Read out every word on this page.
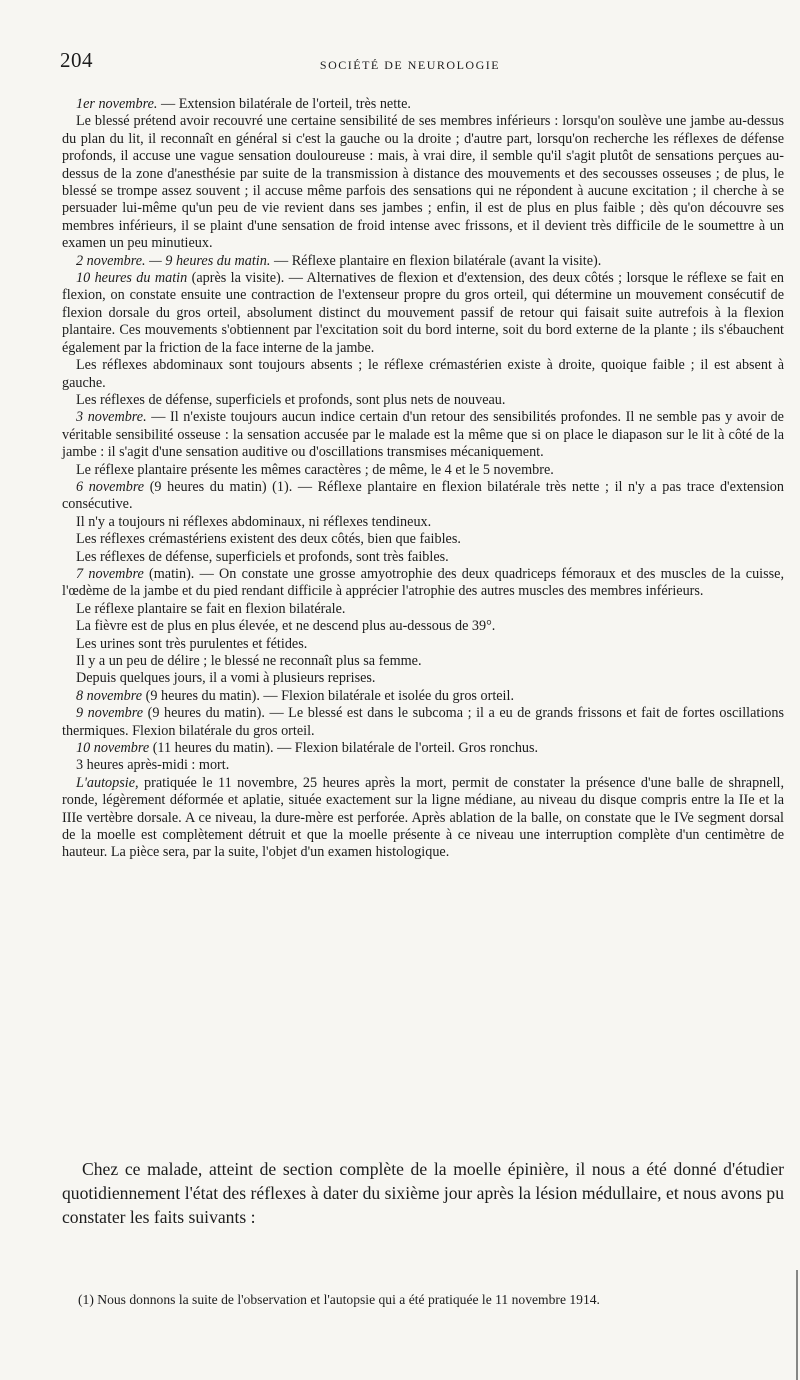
204	SOCIÉTÉ DE NEUROLOGIE

1er novembre. — Extension bilatérale de l'orteil, très nette.

Le blessé prétend avoir recouvré une certaine sensibilité de ses membres inférieurs : lorsqu'on soulève une jambe au-dessus du plan du lit, il reconnaît en général si c'est la gauche ou la droite ; d'autre part, lorsqu'on recherche les réflexes de défense profonds, il accuse une vague sensation douloureuse : mais, à vrai dire, il semble qu'il s'agit plutôt de sensations perçues au-dessus de la zone d'anesthésie par suite de la transmission à distance des mouvements et des secousses osseuses ; de plus, le blessé se trompe assez souvent ; il accuse même parfois des sensations qui ne répondent à aucune excitation ; il cherche à se persuader lui-même qu'un peu de vie revient dans ses jambes ; enfin, il est de plus en plus faible ; dès qu'on découvre ses membres inférieurs, il se plaint d'une sensation de froid intense avec frissons, et il devient très difficile de le soumettre à un examen un peu minutieux.

2 novembre. — 9 heures du matin. — Réflexe plantaire en flexion bilatérale (avant la visite).

10 heures du matin (après la visite). — Alternatives de flexion et d'extension, des deux côtés ; lorsque le réflexe se fait en flexion, on constate ensuite une contraction de l'extenseur propre du gros orteil, qui détermine un mouvement consécutif de flexion dorsale du gros orteil, absolument distinct du mouvement passif de retour qui faisait suite autrefois à la flexion plantaire. Ces mouvements s'obtiennent par l'excitation soit du bord interne, soit du bord externe de la plante ; ils s'ébauchent également par la friction de la face interne de la jambe.

Les réflexes abdominaux sont toujours absents ; le réflexe crémastérien existe à droite, quoique faible ; il est absent à gauche.

Les réflexes de défense, superficiels et profonds, sont plus nets de nouveau.

3 novembre. — Il n'existe toujours aucun indice certain d'un retour des sensibilités profondes. Il ne semble pas y avoir de véritable sensibilité osseuse : la sensation accusée par le malade est la même que si on place le diapason sur le lit à côté de la jambe : il s'agit d'une sensation auditive ou d'oscillations transmises mécaniquement.

Le réflexe plantaire présente les mêmes caractères ; de même, le 4 et le 5 novembre.

6 novembre (9 heures du matin) (1). — Réflexe plantaire en flexion bilatérale très nette ; il n'y a pas trace d'extension consécutive.

Il n'y a toujours ni réflexes abdominaux, ni réflexes tendineux.

Les réflexes crémastériens existent des deux côtés, bien que faibles.

Les réflexes de défense, superficiels et profonds, sont très faibles.

7 novembre (matin). — On constate une grosse amyotrophie des deux quadriceps fémoraux et des muscles de la cuisse, l'œdème de la jambe et du pied rendant difficile à apprécier l'atrophie des autres muscles des membres inférieurs.

Le réflexe plantaire se fait en flexion bilatérale.

La fièvre est de plus en plus élevée, et ne descend plus au-dessous de 39°.

Les urines sont très purulentes et fétides.

Il y a un peu de délire ; le blessé ne reconnaît plus sa femme.

Depuis quelques jours, il a vomi à plusieurs reprises.

8 novembre (9 heures du matin). — Flexion bilatérale et isolée du gros orteil.

9 novembre (9 heures du matin). — Le blessé est dans le subcoma ; il a eu de grands frissons et fait de fortes oscillations thermiques. Flexion bilatérale du gros orteil.

10 novembre (11 heures du matin). — Flexion bilatérale de l'orteil. Gros ronchus.

3 heures après-midi : mort.

L'autopsie, pratiquée le 11 novembre, 25 heures après la mort, permit de constater la présence d'une balle de shrapnell, ronde, légèrement déformée et aplatie, située exactement sur la ligne médiane, au niveau du disque compris entre la IIe et la IIIe vertèbre dorsale. A ce niveau, la dure-mère est perforée. Après ablation de la balle, on constate que le IVe segment dorsal de la moelle est complètement détruit et que la moelle présente à ce niveau une interruption complète d'un centimètre de hauteur. La pièce sera, par la suite, l'objet d'un examen histologique.

Chez ce malade, atteint de section complète de la moelle épinière, il nous a été donné d'étudier quotidiennement l'état des réflexes à dater du sixième jour après la lésion médullaire, et nous avons pu constater les faits suivants :

(1) Nous donnons la suite de l'observation et l'autopsie qui a été pratiquée le 11 novembre 1914.
